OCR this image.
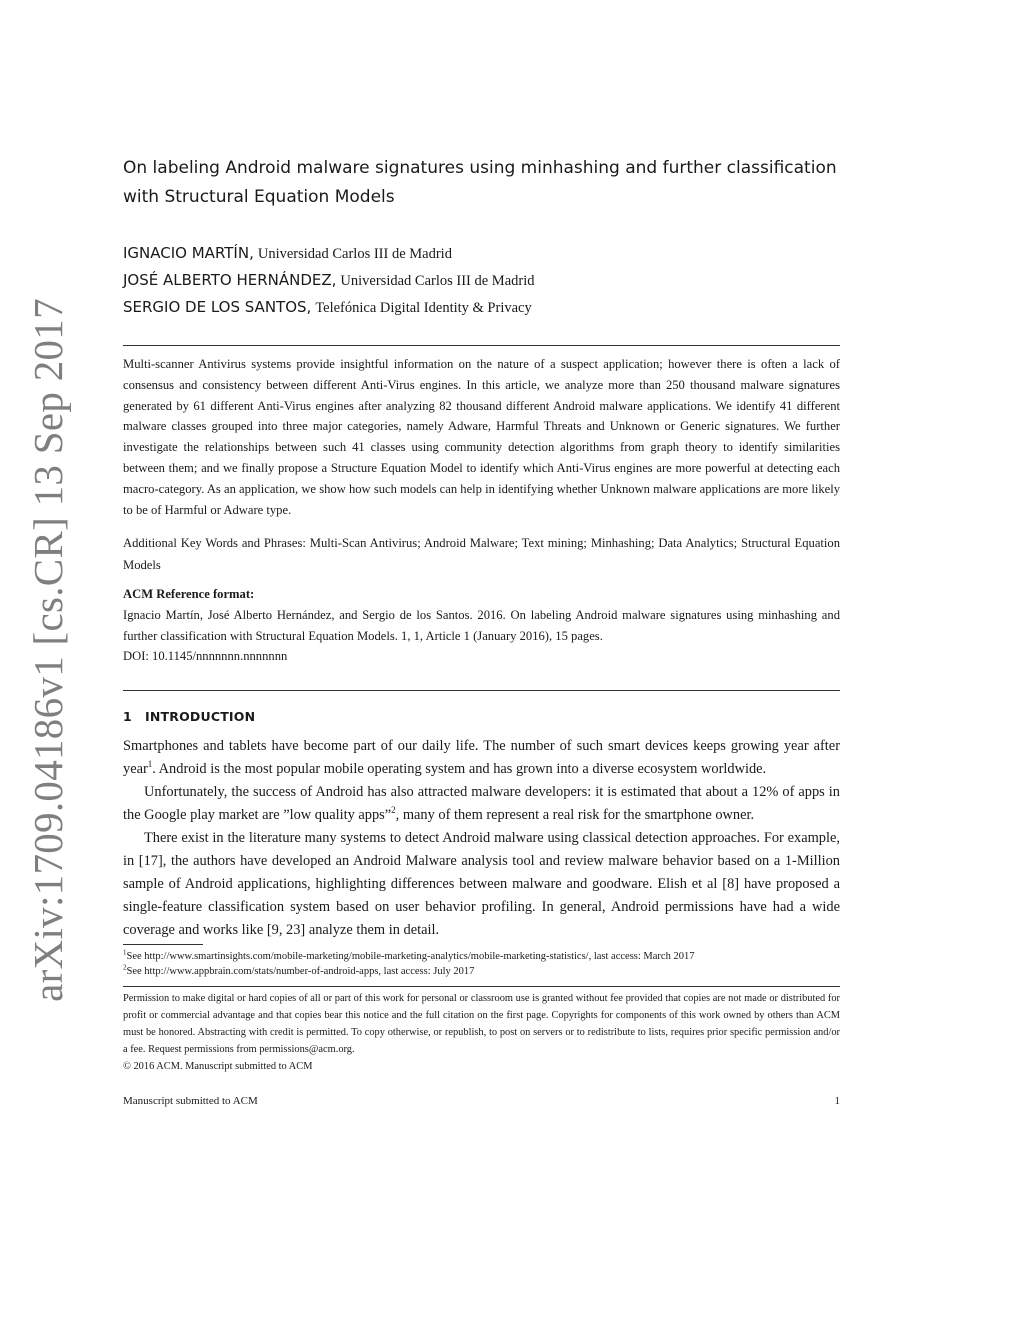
arXiv:1709.04186v1 [cs.CR] 13 Sep 2017
On labeling Android malware signatures using minhashing and further classification with Structural Equation Models
IGNACIO MARTÍN, Universidad Carlos III de Madrid
JOSÉ ALBERTO HERNÁNDEZ, Universidad Carlos III de Madrid
SERGIO DE LOS SANTOS, Telefónica Digital Identity & Privacy
Multi-scanner Antivirus systems provide insightful information on the nature of a suspect application; however there is often a lack of consensus and consistency between different Anti-Virus engines. In this article, we analyze more than 250 thousand malware signatures generated by 61 different Anti-Virus engines after analyzing 82 thousand different Android malware applications. We identify 41 different malware classes grouped into three major categories, namely Adware, Harmful Threats and Unknown or Generic signatures. We further investigate the relationships between such 41 classes using community detection algorithms from graph theory to identify similarities between them; and we finally propose a Structure Equation Model to identify which Anti-Virus engines are more powerful at detecting each macro-category. As an application, we show how such models can help in identifying whether Unknown malware applications are more likely to be of Harmful or Adware type.
Additional Key Words and Phrases: Multi-Scan Antivirus; Android Malware; Text mining; Minhashing; Data Analytics; Structural Equation Models
ACM Reference format:

Ignacio Martín, José Alberto Hernández, and Sergio de los Santos. 2016. On labeling Android malware signatures using minhashing and further classification with Structural Equation Models. 1, 1, Article 1 (January 2016), 15 pages.

DOI: 10.1145/nnnnnnn.nnnnnnn
1 INTRODUCTION

Smartphones and tablets have become part of our daily life. The number of such smart devices keeps growing year after year$^1$. Android is the most popular mobile operating system and has grown into a diverse ecosystem worldwide.

Unfortunately, the success of Android has also attracted malware developers: it is estimated that about a 12% of apps in the Google play market are ”low quality apps”$^2$, many of them represent a real risk for the smartphone owner.

There exist in the literature many systems to detect Android malware using classical detection approaches. For example, in [17], the authors have developed an Android Malware analysis tool and review malware behavior based on a 1-Million sample of Android applications, highlighting differences between malware and goodware. Elish et al [8] have proposed a single-feature classification system based on user behavior profiling. In general, Android permissions have had a wide coverage and works like [9, 23] analyze them in detail.

$^1$See http://www.smartinsights.com/mobile-marketing/mobile-marketing-analytics/mobile-marketing-statistics/, last access: March 2017
$^2$See http://www.appbrain.com/stats/number-of-android-apps, last access: July 2017
Permission to make digital or hard copies of all or part of this work for personal or classroom use is granted without fee provided that copies are not made or distributed for profit or commercial advantage and that copies bear this notice and the full citation on the first page. Copyrights for components of this work owned by others than ACM must be honored. Abstracting with credit is permitted. To copy otherwise, or republish, to post on servers or to redistribute to lists, requires prior specific permission and/or a fee. Request permissions from permissions@acm.org.
© 2016 ACM. Manuscript submitted to ACM
Manuscript submitted to ACM	1
